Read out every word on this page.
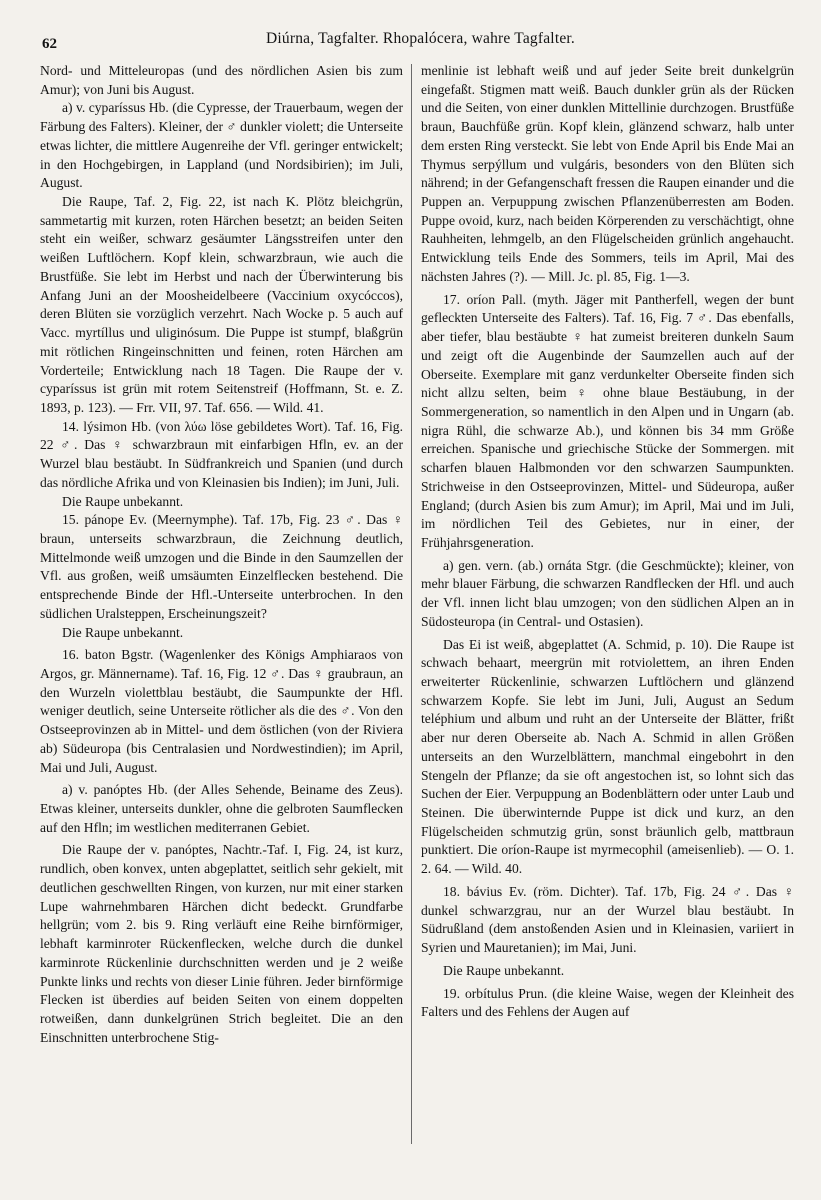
62	Diúrna, Tagfalter. Rhopalócera, wahre Tagfalter.

Nord- und Mitteleuropas (und des nördlichen Asien bis zum Amur); von Juni bis August.

a) v. cyparíssus Hb. (die Cypresse, der Trauerbaum, wegen der Färbung des Falters). Kleiner, der ♂ dunkler violett; die Unterseite etwas lichter, die mittlere Augenreihe der Vfl. geringer entwickelt; in den Hochgebirgen, in Lappland (und Nordsibirien); im Juli, August.

Die Raupe, Taf. 2, Fig. 22, ist nach K. Plötz bleichgrün, sammetartig mit kurzen, roten Härchen besetzt; an beiden Seiten steht ein weißer, schwarz gesäumter Längsstreifen unter den weißen Luftlöchern. Kopf klein, schwarzbraun, wie auch die Brustfüße. Sie lebt im Herbst und nach der Überwinterung bis Anfang Juni an der Moosheidelbeere (Vaccinium oxycóccos), deren Blüten sie vorzüglich verzehrt. Nach Wocke p. 5 auch auf Vacc. myrtíllus und uliginósum. Die Puppe ist stumpf, blaßgrün mit rötlichen Ringeinschnitten und feinen, roten Härchen am Vorderteile; Entwicklung nach 18 Tagen. Die Raupe der v. cyparíssus ist grün mit rotem Seitenstreif (Hoffmann, St. e. Z. 1893, p. 123). — Frr. VII, 97. Taf. 656. — Wild. 41.

14. lýsimon Hb. (von λύω löse gebildetes Wort). Taf. 16, Fig. 22 ♂. Das ♀ schwarzbraun mit einfarbigen Hfln, ev. an der Wurzel blau bestäubt. In Südfrankreich und Spanien (und durch das nördliche Afrika und von Kleinasien bis Indien); im Juni, Juli.

Die Raupe unbekannt.

15. pánope Ev. (Meernymphe). Taf. 17b, Fig. 23 ♂. Das ♀ braun, unterseits schwarzbraun, die Zeichnung deutlich, Mittelmonde weiß umzogen und die Binde in den Saumzellen der Vfl. aus großen, weiß umsäumten Einzelflecken bestehend. Die entsprechende Binde der Hfl.-Unterseite unterbrochen. In den südlichen Uralsteppen, Erscheinungszeit?

Die Raupe unbekannt.

16. baton Bgstr. (Wagenlenker des Königs Amphiaraos von Argos, gr. Männername). Taf. 16, Fig. 12 ♂. Das ♀ graubraun, an den Wurzeln violettblau bestäubt, die Saumpunkte der Hfl. weniger deutlich, seine Unterseite rötlicher als die des ♂. Von den Ostseeprovinzen ab in Mittel- und dem östlichen (von der Riviera ab) Südeuropa (bis Centralasien und Nordwestindien); im April, Mai und Juli, August.

a) v. panóptes Hb. (der Alles Sehende, Beiname des Zeus). Etwas kleiner, unterseits dunkler, ohne die gelbroten Saumflecken auf den Hfln; im westlichen mediterranen Gebiet.

Die Raupe der v. panóptes, Nachtr.-Taf. I, Fig. 24, ist kurz, rundlich, oben konvex, unten abgeplattet, seitlich sehr gekielt, mit deutlichen geschwellten Ringen, von kurzen, nur mit einer starken Lupe wahrnehmbaren Härchen dicht bedeckt. Grundfarbe hellgrün; vom 2. bis 9. Ring verläuft eine Reihe birnförmiger, lebhaft karminroter Rückenflecken, welche durch die dunkel karminrote Rückenlinie durchschnitten werden und je 2 weiße Punkte links und rechts von dieser Linie führen. Jeder birnförmige Flecken ist überdies auf beiden Seiten von einem doppelten rotweißen, dann dunkelgrünen Strich begleitet. Die an den Einschnitten unterbrochene Stig-

menlinie ist lebhaft weiß und auf jeder Seite breit dunkelgrün eingefaßt. Stigmen matt weiß. Bauch dunkler grün als der Rücken und die Seiten, von einer dunklen Mittellinie durchzogen. Brustfüße braun, Bauchfüße grün. Kopf klein, glänzend schwarz, halb unter dem ersten Ring versteckt. Sie lebt von Ende April bis Ende Mai an Thymus serpýllum und vulgáris, besonders von den Blüten sich nährend; in der Gefangenschaft fressen die Raupen einander und die Puppen an. Verpuppung zwischen Pflanzenüberresten am Boden. Puppe ovoid, kurz, nach beiden Körperenden zu verschächtigt, ohne Rauhheiten, lehmgelb, an den Flügelscheiden grünlich angehaucht. Entwicklung teils Ende des Sommers, teils im April, Mai des nächsten Jahres (?). — Mill. Jc. pl. 85, Fig. 1—3.

17. oríon Pall. (myth. Jäger mit Pantherfell, wegen der bunt gefleckten Unterseite des Falters). Taf. 16, Fig. 7 ♂. Das ebenfalls, aber tiefer, blau bestäubte ♀ hat zumeist breiteren dunkeln Saum und zeigt oft die Augenbinde der Saumzellen auch auf der Oberseite. Exemplare mit ganz verdunkelter Oberseite finden sich nicht allzu selten, beim ♀ ohne blaue Bestäubung, in der Sommergeneration, so namentlich in den Alpen und in Ungarn (ab. nigra Rühl, die schwarze Ab.), und können bis 34 mm Größe erreichen. Spanische und griechische Stücke der Sommergen. mit scharfen blauen Halbmonden vor den schwarzen Saumpunkten. Strichweise in den Ostseeprovinzen, Mittel- und Südeuropa, außer England; (durch Asien bis zum Amur); im April, Mai und im Juli, im nördlichen Teil des Gebietes, nur in einer, der Frühjahrsgeneration.

a) gen. vern. (ab.) ornáta Stgr. (die Geschmückte); kleiner, von mehr blauer Färbung, die schwarzen Randflecken der Hfl. und auch der Vfl. innen licht blau umzogen; von den südlichen Alpen an in Südosteuropa (in Central- und Ostasien).

Das Ei ist weiß, abgeplattet (A. Schmid, p. 10). Die Raupe ist schwach behaart, meergrün mit rotviolettem, an ihren Enden erweiterter Rückenlinie, schwarzen Luftlöchern und glänzend schwarzem Kopfe. Sie lebt im Juni, Juli, August an Sedum teléphium und album und ruht an der Unterseite der Blätter, frißt aber nur deren Oberseite ab. Nach A. Schmid in allen Größen unterseits an den Wurzelblättern, manchmal eingebohrt in den Stengeln der Pflanze; da sie oft angestochen ist, so lohnt sich das Suchen der Eier. Verpuppung an Bodenblättern oder unter Laub und Steinen. Die überwinternde Puppe ist dick und kurz, an den Flügelscheiden schmutzig grün, sonst bräunlich gelb, mattbraun punktiert. Die oríon-Raupe ist myrmecophil (ameisenlieb). — O. 1. 2. 64. — Wild. 40.

18. bávius Ev. (röm. Dichter). Taf. 17b, Fig. 24 ♂. Das ♀ dunkel schwarzgrau, nur an der Wurzel blau bestäubt. In Südrußland (dem anstoßenden Asien und in Kleinasien, variiert in Syrien und Mauretanien); im Mai, Juni.

Die Raupe unbekannt.

19. orbítulus Prun. (die kleine Waise, wegen der Kleinheit des Falters und des Fehlens der Augen auf
